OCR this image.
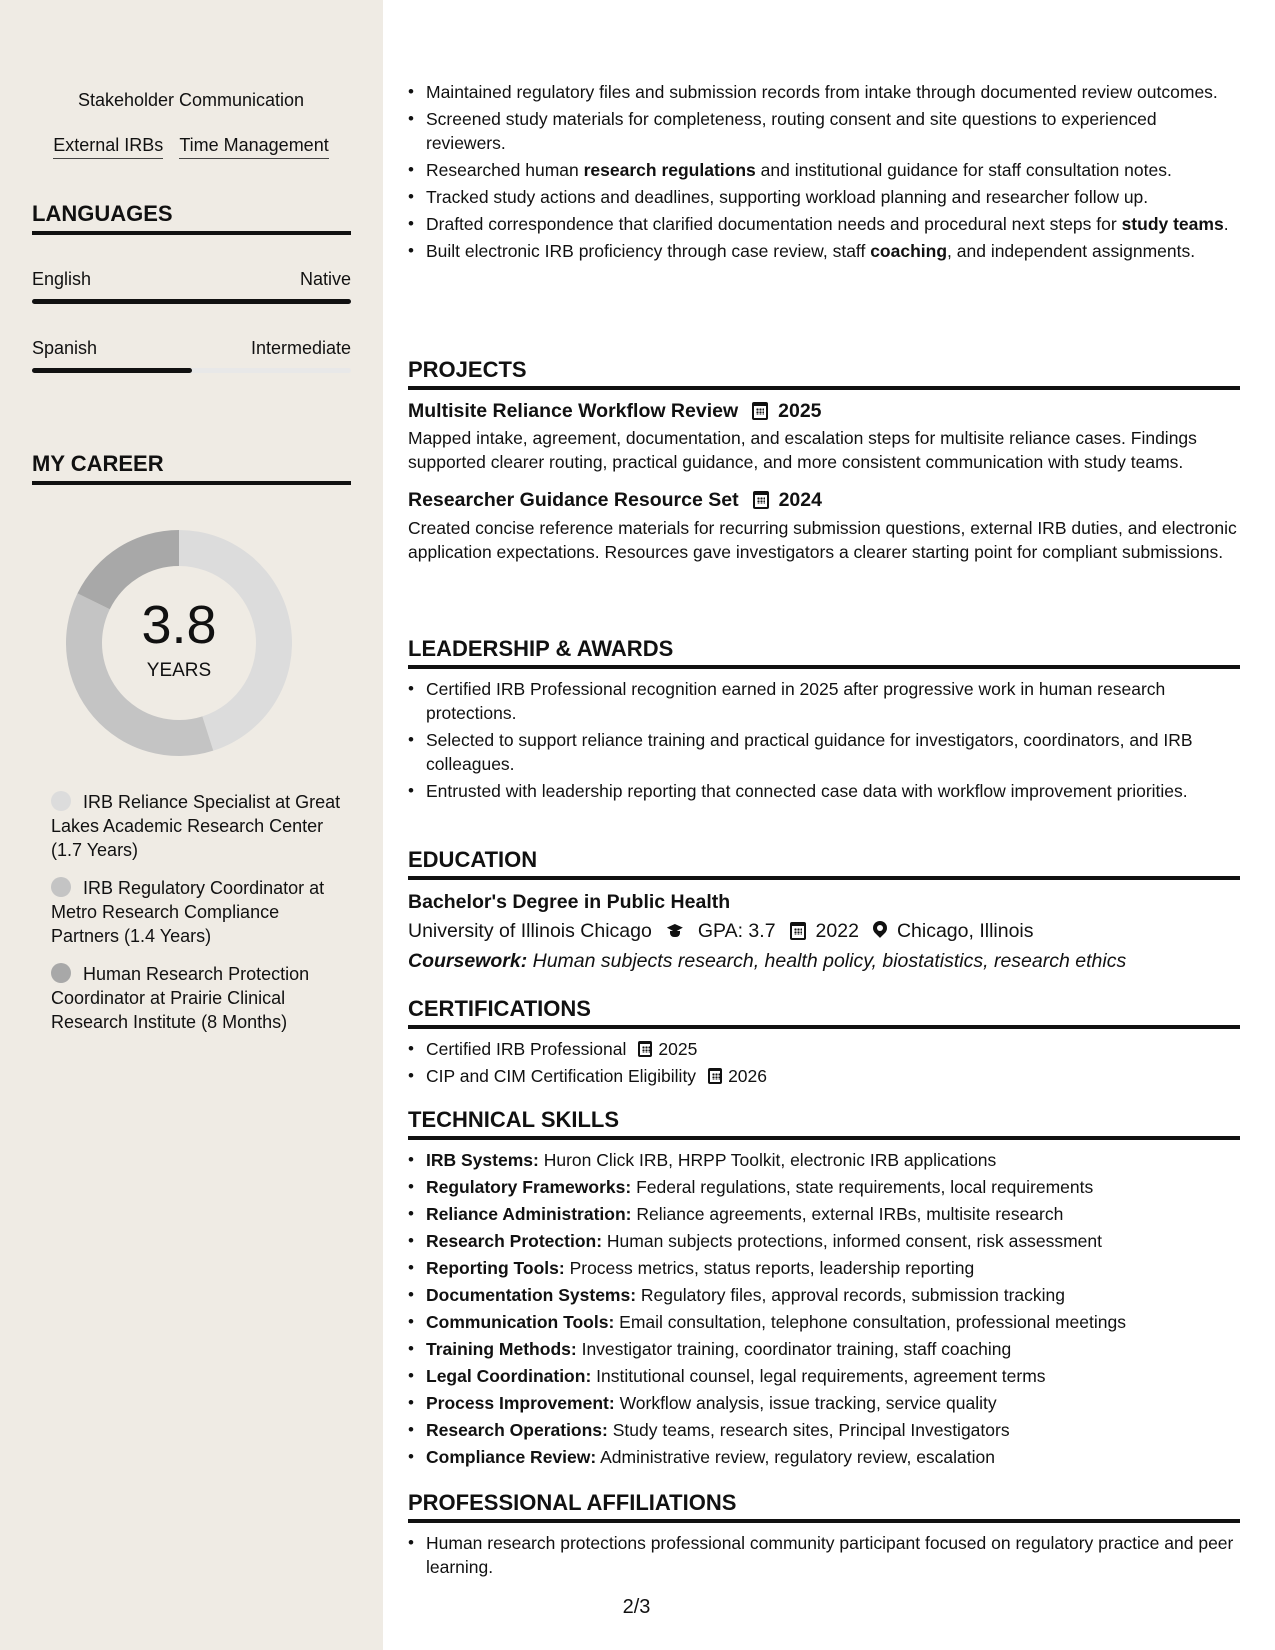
Stakeholder Communication
External IRBs Time Management
LANGUAGES
English	Native
Spanish	Intermediate
MY CAREER
3.8
YEARS
IRB Reliance Specialist at Great Lakes Academic Research Center (1.7 Years)
IRB Regulatory Coordinator at Metro Research Compliance Partners (1.4 Years)
Human Research Protection Coordinator at Prairie Clinical Research Institute (8 Months)
• Maintained regulatory files and submission records from intake through documented review outcomes.
• Screened study materials for completeness, routing consent and site questions to experienced reviewers.
• Researched human research regulations and institutional guidance for staff consultation notes.
• Tracked study actions and deadlines, supporting workload planning and researcher follow up.
• Drafted correspondence that clarified documentation needs and procedural next steps for study teams.
• Built electronic IRB proficiency through case review, staff coaching, and independent assignments.
PROJECTS
Multisite Reliance Workflow Review 2025
Mapped intake, agreement, documentation, and escalation steps for multisite reliance cases. Findings supported clearer routing, practical guidance, and more consistent communication with study teams.
Researcher Guidance Resource Set 2024
Created concise reference materials for recurring submission questions, external IRB duties, and electronic application expectations. Resources gave investigators a clearer starting point for compliant submissions.
LEADERSHIP & AWARDS
• Certified IRB Professional recognition earned in 2025 after progressive work in human research protections.
• Selected to support reliance training and practical guidance for investigators, coordinators, and IRB colleagues.
• Entrusted with leadership reporting that connected case data with workflow improvement priorities.
EDUCATION
Bachelor's Degree in Public Health
University of Illinois Chicago GPA: 3.7 2022 Chicago, Illinois
Coursework: Human subjects research, health policy, biostatistics, research ethics
CERTIFICATIONS
• Certified IRB Professional 2025
• CIP and CIM Certification Eligibility 2026
TECHNICAL SKILLS
• IRB Systems: Huron Click IRB, HRPP Toolkit, electronic IRB applications
• Regulatory Frameworks: Federal regulations, state requirements, local requirements
• Reliance Administration: Reliance agreements, external IRBs, multisite research
• Research Protection: Human subjects protections, informed consent, risk assessment
• Reporting Tools: Process metrics, status reports, leadership reporting
• Documentation Systems: Regulatory files, approval records, submission tracking
• Communication Tools: Email consultation, telephone consultation, professional meetings
• Training Methods: Investigator training, coordinator training, staff coaching
• Legal Coordination: Institutional counsel, legal requirements, agreement terms
• Process Improvement: Workflow analysis, issue tracking, service quality
• Research Operations: Study teams, research sites, Principal Investigators
• Compliance Review: Administrative review, regulatory review, escalation
PROFESSIONAL AFFILIATIONS
• Human research protections professional community participant focused on regulatory practice and peer learning.
2/3
